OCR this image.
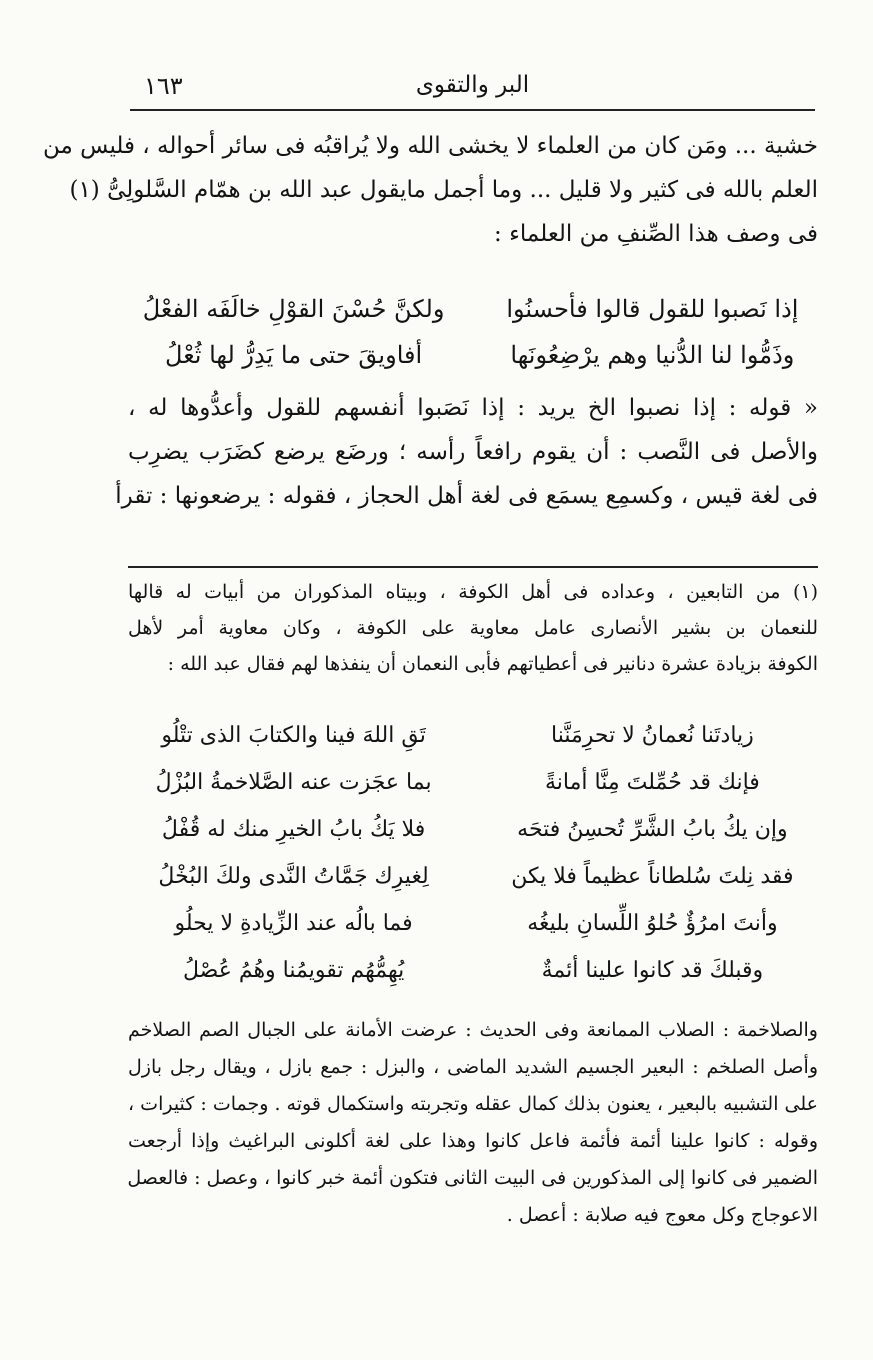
البر والتقوى
١٦٣
خشية ... ومَن كان من العلماء لا يخشى الله ولا يُراقبُه فى سائر أحواله ، فليس من
العلم بالله فى كثير ولا قليل ... وما أجمل مايقول عبد الله بن همّام السَّلولِىُّ (١)
فى وصف هذا الصِّنفِ من العلماء :
إذا نَصبوا للقول قالوا فأحسنُوا
ولكنَّ حُسْنَ القوْلِ خالَفَه الفعْلُ
وذَمُّوا لنا الدُّنيا وهم يرْضِعُونَها
أفاويقَ حتى ما يَدِرُّ لها ثُعْلُ
« قوله : إذا نصبوا الخ يريد : إذا نَصَبوا أنفسهم للقول وأعدُّوها له ،
والأصل فى النَّصب : أن يقوم رافعاً رأسه ؛ ورضَع يرضع كضَرَب يضرِب
فى لغة قيس ، وكسمِع يسمَع فى لغة أهل الحجاز ، فقوله : يرضعونها : تقرأ
(١) من التابعين ، وعداده فى أهل الكوفة ، وبيتاه المذكوران من أبيات له قالها
للنعمان بن بشير الأنصارى عامل معاوية على الكوفة ، وكان معاوية أمر لأهل
الكوفة بزيادة عشرة دنانير فى أعطياتهم فأبى النعمان أن ينفذها لهم فقال عبد الله :
زيادتَنا نُعمانُ لا تحرِمَنَّنا
تَقِ اللهَ فينا والكتابَ الذى تتْلُو
فإنك قد حُمِّلتَ مِنَّا أمانةً
بما عجَزت عنه الصَّلاخمةُ البُزْلُ
وإن يكُ بابُ الشَّرِّ تُحسِنُ فتحَه
فلا يَكُ بابُ الخيرِ منك له قُفْلُ
فقد نِلتَ سُلطاناً عظيماً فلا يكن
لِغيرِك جَمَّاتُ النَّدى ولكَ البُخْلُ
وأنتَ امرُؤٌ حُلوُ اللِّسانِ بليغُه
فما بالُه عند الزِّيادةِ لا يحلُو
وقبلكَ قد كانوا علينا أئمةٌ
يُهِمُّهُم تقويمُنا وهُمُ عُصْلُ
والصلاخمة : الصلاب الممانعة وفى الحديث : عرضت الأمانة على الجبال الصم الصلاخم
وأصل الصلخم : البعير الجسيم الشديد الماضى ، والبزل : جمع بازل ، ويقال رجل بازل
على التشبيه بالبعير ، يعنون بذلك كمال عقله وتجربته واستكمال قوته . وجمات : كثيرات ،
وقوله : كانوا علينا أئمة فأئمة فاعل كانوا وهذا على لغة أكلونى البراغيث وإذا أرجعت
الضمير فى كانوا إلى المذكورين فى البيت الثانى فتكون أئمة خبر كانوا ، وعصل : فالعصل
الاعوجاج وكل معوج فيه صلابة : أعصل .
